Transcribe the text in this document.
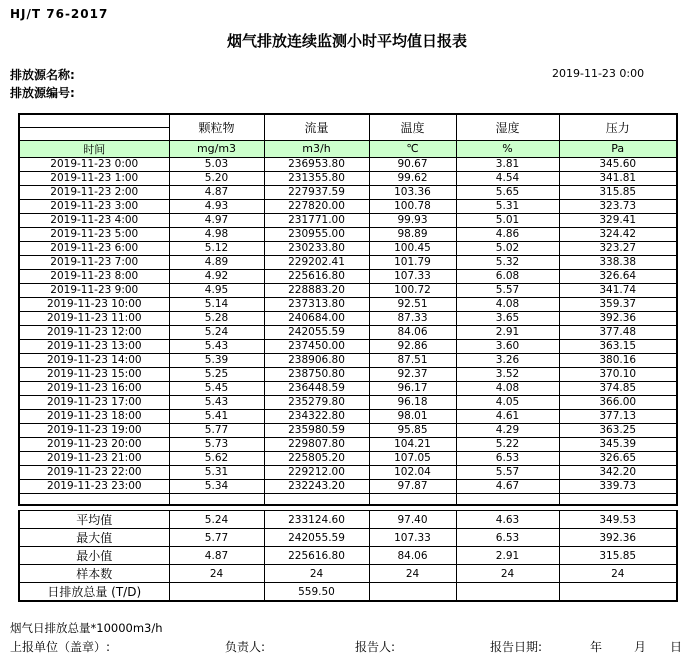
HJ/T 76-2017
烟气排放连续监测小时平均值日报表
排放源名称:
排放源编号:
2019-11-23 0:00
	颗粒物	流量	温度	湿度	压力

时间	mg/m3	m3/h	℃	%	Pa
2019-11-23 0:00	5.03	236953.80	90.67	3.81	345.60
2019-11-23 1:00	5.20	231355.80	99.62	4.54	341.81
2019-11-23 2:00	4.87	227937.59	103.36	5.65	315.85
2019-11-23 3:00	4.93	227820.00	100.78	5.31	323.73
2019-11-23 4:00	4.97	231771.00	99.93	5.01	329.41
2019-11-23 5:00	4.98	230955.00	98.89	4.86	324.42
2019-11-23 6:00	5.12	230233.80	100.45	5.02	323.27
2019-11-23 7:00	4.89	229202.41	101.79	5.32	338.38
2019-11-23 8:00	4.92	225616.80	107.33	6.08	326.64
2019-11-23 9:00	4.95	228883.20	100.72	5.57	341.74
2019-11-23 10:00	5.14	237313.80	92.51	4.08	359.37
2019-11-23 11:00	5.28	240684.00	87.33	3.65	392.36
2019-11-23 12:00	5.24	242055.59	84.06	2.91	377.48
2019-11-23 13:00	5.43	237450.00	92.86	3.60	363.15
2019-11-23 14:00	5.39	238906.80	87.51	3.26	380.16
2019-11-23 15:00	5.25	238750.80	92.37	3.52	370.10
2019-11-23 16:00	5.45	236448.59	96.17	4.08	374.85
2019-11-23 17:00	5.43	235279.80	96.18	4.05	366.00
2019-11-23 18:00	5.41	234322.80	98.01	4.61	377.13
2019-11-23 19:00	5.77	235980.59	95.85	4.29	363.25
2019-11-23 20:00	5.73	229807.80	104.21	5.22	345.39
2019-11-23 21:00	5.62	225805.20	107.05	6.53	326.65
2019-11-23 22:00	5.31	229212.00	102.04	5.57	342.20
2019-11-23 23:00	5.34	232243.20	97.87	4.67	339.73

平均值	5.24	233124.60	97.40	4.63	349.53
最大值	5.77	242055.59	107.33	6.53	392.36
最小值	4.87	225616.80	84.06	2.91	315.85
样本数	24	24	24	24	24
日排放总量 (T/D)		559.50			
烟气日排放总量*10000m3/h
上报单位（盖章）:	负责人:	报告人:	报告日期:	年	月 日
